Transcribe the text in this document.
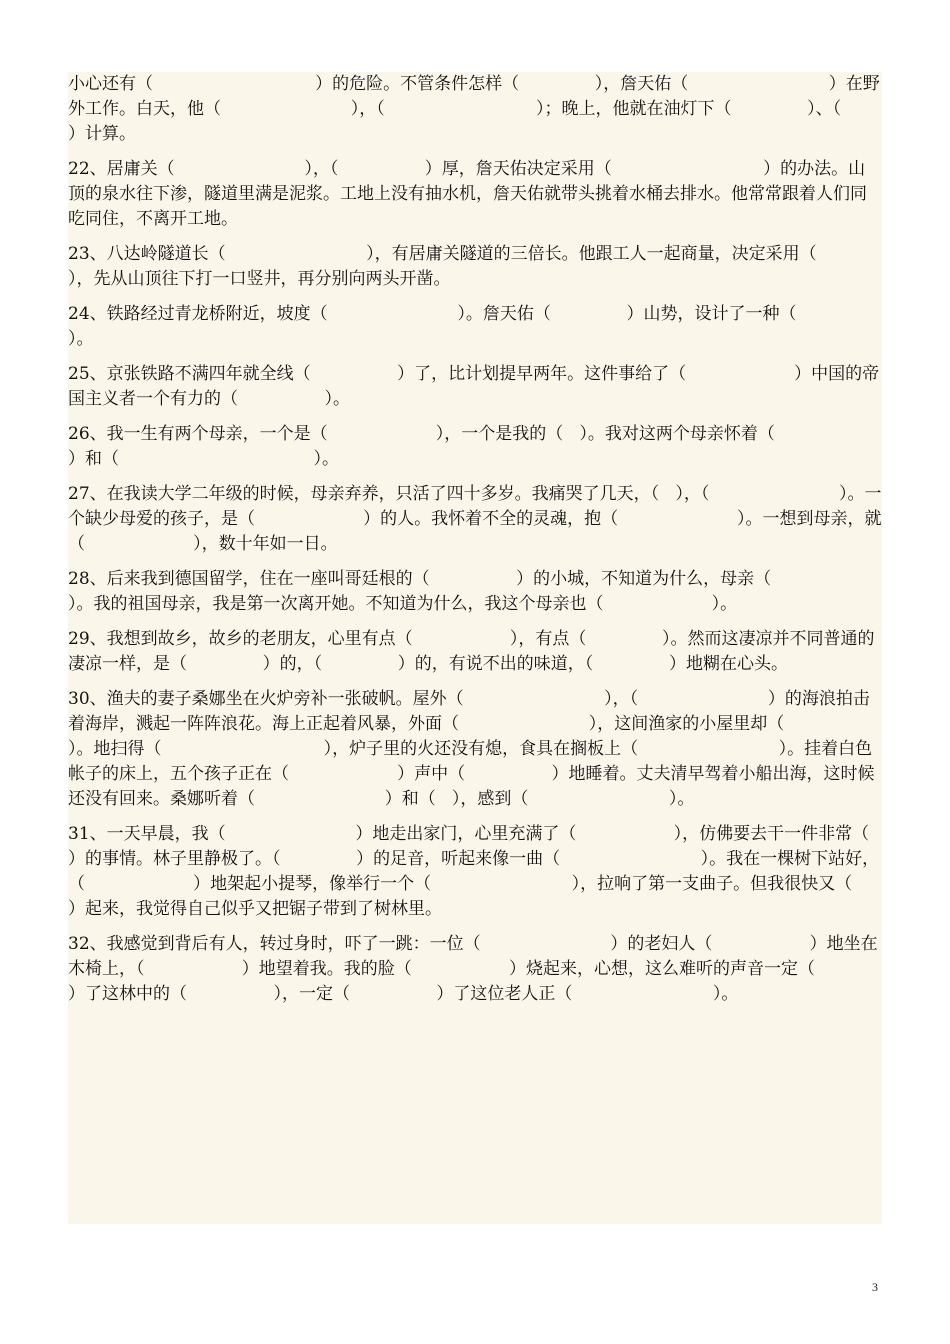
小心还有（                              ）的危险。不管条件怎样（              ），詹天佑（                          ）在野外工作。白天，他（                        ），（                            ）；晚上，他就在油灯下（              ）、（              ）计算。

22、居庸关（                        ），（                ）厚，詹天佑决定采用（                            ）的办法。山顶的泉水往下渗，隧道里满是泥浆。工地上没有抽水机，詹天佑就带头挑着水桶去排水。他常常跟着人们同吃同住，不离开工地。

23、八达岭隧道长（                          ），有居庸关隧道的三倍长。他跟工人一起商量，决定采用（                    ），先从山顶往下打一口竖井，再分别向两头开凿。

24、铁路经过青龙桥附近，坡度（                        ）。詹天佑（              ）山势，设计了一种（                          ）。

25、京张铁路不满四年就全线（                ）了，比计划提早两年。这件事给了（                    ）中国的帝国主义者一个有力的（                ）。

26、我一生有两个母亲，一个是（                    ），一个是我的（   ）。我对这两个母亲怀着（                        ）和（                                    ）。

27、在我读大学二年级的时候，母亲弃养，只活了四十多岁。我痛哭了几天，（   ），（                        ）。一个缺少母爱的孩子，是（                    ）的人。我怀着不全的灵魂，抱（                      ）。一想到母亲，就（                    ），数十年如一日。

28、后来我到德国留学，住在一座叫哥廷根的（                ）的小城，不知道为什么，母亲（                ）。我的祖国母亲，我是第一次离开她。不知道为什么，我这个母亲也（                    ）。

29、我想到故乡，故乡的老朋友，心里有点（                  ），有点（              ）。然而这凄凉并不同普通的凄凉一样，是（              ）的，（              ）的，有说不出的味道，（              ）地糊在心头。

30、渔夫的妻子桑娜坐在火炉旁补一张破帆。屋外（                          ），（                        ）的海浪拍击着海岸，溅起一阵阵浪花。海上正起着风暴，外面（                        ），这间渔家的小屋里却（                          ）。地扫得（                              ），炉子里的火还没有熄，食具在搁板上（                          ）。挂着白色帐子的床上，五个孩子正在（                    ）声中（                ）地睡着。丈夫清早驾着小船出海，这时候还没有回来。桑娜听着（                        ）和（   ），感到（                          ）。

31、一天早晨，我（                        ）地走出家门，心里充满了（                  ），仿佛要去干一件非常（              ）的事情。林子里静极了。（              ）的足音，听起来像一曲（                          ）。我在一棵树下站好，（                    ）地架起小提琴，像举行一个（                          ），拉响了第一支曲子。但我很快又（                ）起来，我觉得自己似乎又把锯子带到了树林里。

32、我感觉到背后有人，转过身时，吓了一跳：一位（                        ）的老妇人（                  ）地坐在木椅上，（                  ）地望着我。我的脸（                  ）烧起来，心想，这么难听的声音一定（                ）了这林中的（                ），一定（                ）了这位老人正（                          ）。

3
